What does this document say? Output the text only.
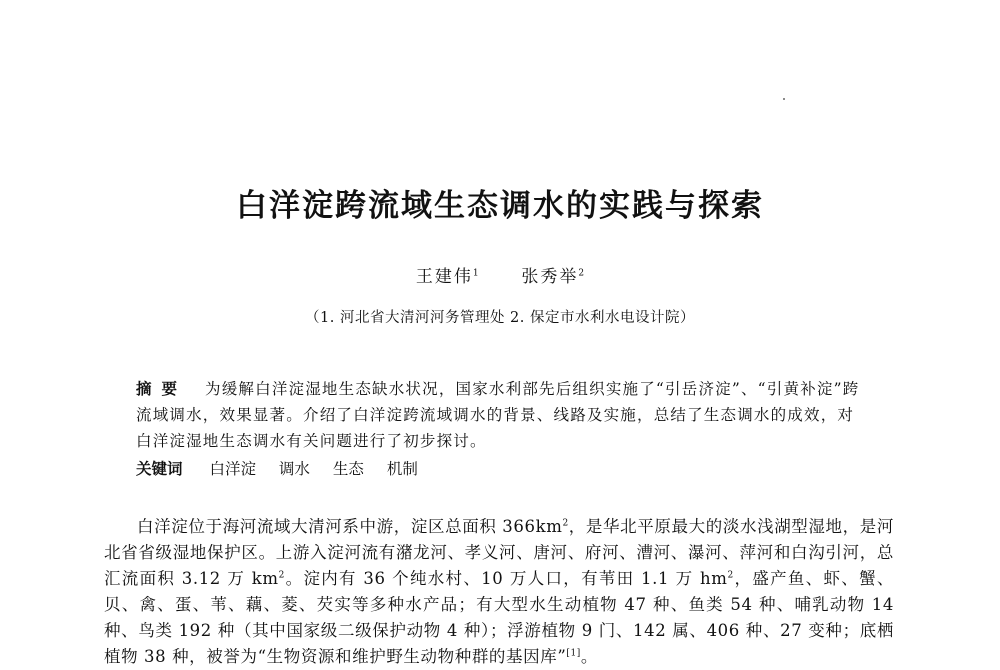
白洋淀跨流域生态调水的实践与探索
王建伟$^1$	张秀举$^2$
（1. 河北省大清河河务管理处 2. 保定市水利水电设计院）
摘要 为缓解白洋淀湿地生态缺水状况，国家水利部先后组织实施了“引岳济淀”、“引黄补淀”跨流域调水，效果显著。介绍了白洋淀跨流域调水的背景、线路及实施，总结了生态调水的成效，对白洋淀湿地生态调水有关问题进行了初步探讨。
关键词 白洋淀 调水 生态 机制
白洋淀位于海河流域大清河系中游，淀区总面积 $366km^2$，是华北平原最大的淡水浅湖型湿地，是河北省省级湿地保护区。上游入淀河流有潴龙河、孝义河、唐河、府河、漕河、瀑河、萍河和白沟引河，总汇流面积 3.12 万 $km^2$。淀内有 36 个纯水村、10 万人口，有苇田 1.1 万 $hm^2$，盛产鱼、虾、蟹、贝、禽、蛋、苇、藕、菱、芡实等多种水产品；有大型水生动植物 47 种、鱼类 54 种、哺乳动物 14 种、鸟类 192 种（其中国家级二级保护动物 4 种）；浮游植物 9 门、142 属、406 种、27 变种；底栖植物 38 种，被誉为“生物资源和维护野生动物种群的基因库”[1]。
